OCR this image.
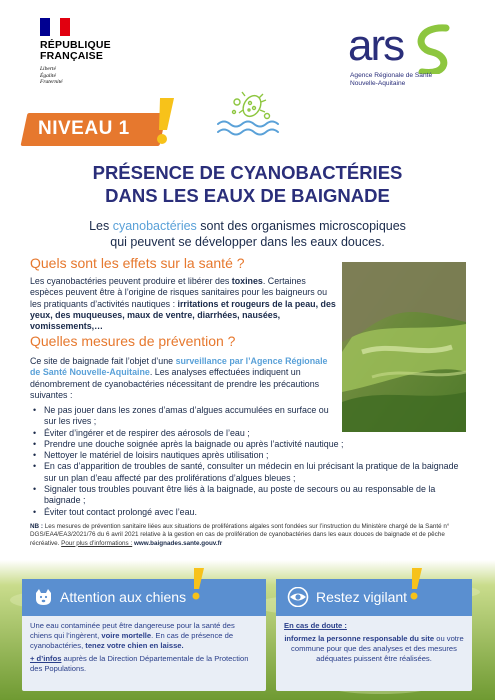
RÉPUBLIQUE
FRANÇAISE
Liberté
Égalité
Fraternité
ars
Agence Régionale de Santé
Nouvelle-Aquitaine
NIVEAU 1
PRÉSENCE DE CYANOBACTÉRIES
DANS LES EAUX DE BAIGNADE
Les cyanobactéries sont des organismes microscopiques
qui peuvent se développer dans les eaux douces.
Quels sont les effets sur la santé ?
Les cyanobactéries peuvent produire et libérer des toxines. Certaines espèces peuvent être à l’origine de risques sanitaires pour les baigneurs ou les pratiquants d’activités nautiques : irritations et rougeurs de la peau, des yeux, des muqueuses, maux de ventre, diarrhées, nausées, vomissements,…
Quelles mesures de prévention ?
Ce site de baignade fait l’objet d’une surveillance par l’Agence Régionale de Santé Nouvelle-Aquitaine. Les analyses effectuées indiquent un dénombrement de cyanobactéries nécessitant de prendre les précautions suivantes :
• Ne pas jouer dans les zones d’amas d’algues accumulées en surface ou sur les rives ;
• Éviter d’ingérer et de respirer des aérosols de l’eau ;
• Prendre une douche soignée après la baignade ou après l’activité nautique ;
• Nettoyer le matériel de loisirs nautiques après utilisation ;
• En cas d’apparition de troubles de santé, consulter un médecin en lui précisant la pratique de la baignade sur un plan d’eau affecté par des proliférations d’algues bleues ;
• Signaler tous troubles pouvant être liés à la baignade, au poste de secours ou au responsable de la baignade ;
• Éviter tout contact prolongé avec l’eau.
NB : Les mesures de prévention sanitaire liées aux situations de proliférations algales sont fondées sur l’instruction du Ministère chargé de la Santé n° DGS/EA4/EA3/2021/76 du 6 avril 2021 relative à la gestion en cas de prolifération de cyanobactéries dans les eaux douces de baignade et de pêche récréative. Pour plus d’informations : www.baignades.sante.gouv.fr
Attention aux chiens
Une eau contaminée peut être dangereuse pour la santé des chiens qui l’ingèrent, voire mortelle. En cas de présence de cyanobactéries, tenez votre chien en laisse.
+ d’infos auprès de la Direction Départementale de la Protection des Populations.
Restez vigilant
En cas de doute :
informez la personne responsable du site ou votre commune pour que des analyses et des mesures adéquates puissent être réalisées.
